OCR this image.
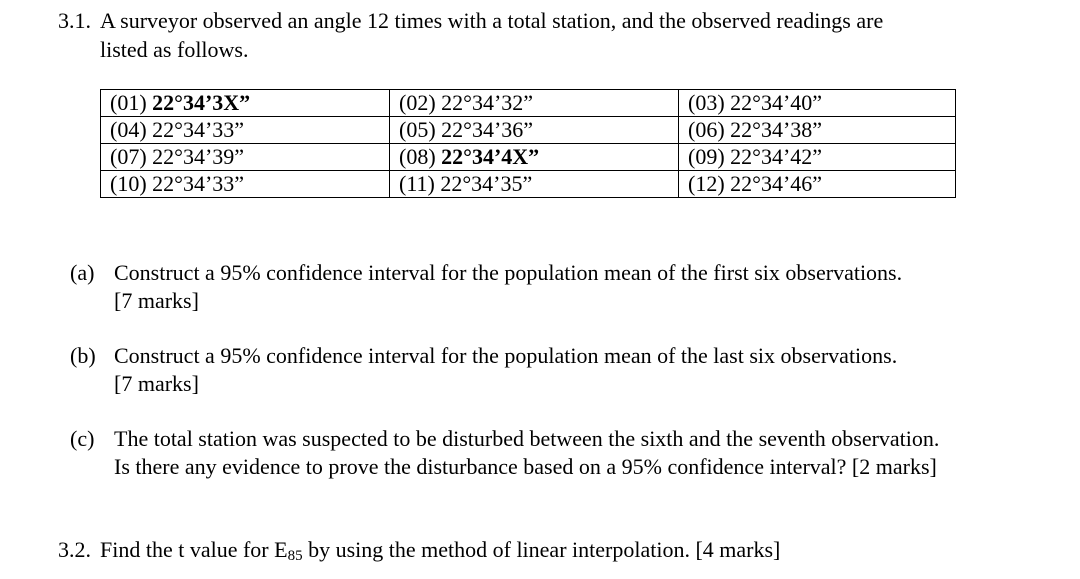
3.1. A surveyor observed an angle 12 times with a total station, and the observed readings are
listed as follows.
(01) 22°34’3X”	(02) 22°34’32”	(03) 22°34’40”
(04) 22°34’33”	(05) 22°34’36”	(06) 22°34’38”
(07) 22°34’39”	(08) 22°34’4X”	(09) 22°34’42”
(10) 22°34’33”	(11) 22°34’35”	(12) 22°34’46”
(a) Construct a 95% confidence interval for the population mean of the first six observations.
[7 marks]
(b) Construct a 95% confidence interval for the population mean of the last six observations.
[7 marks]
(c) The total station was suspected to be disturbed between the sixth and the seventh observation.
Is there any evidence to prove the disturbance based on a 95% confidence interval? [2 marks]
3.2. Find the t value for $E_{85}$ by using the method of linear interpolation. [4 marks]
